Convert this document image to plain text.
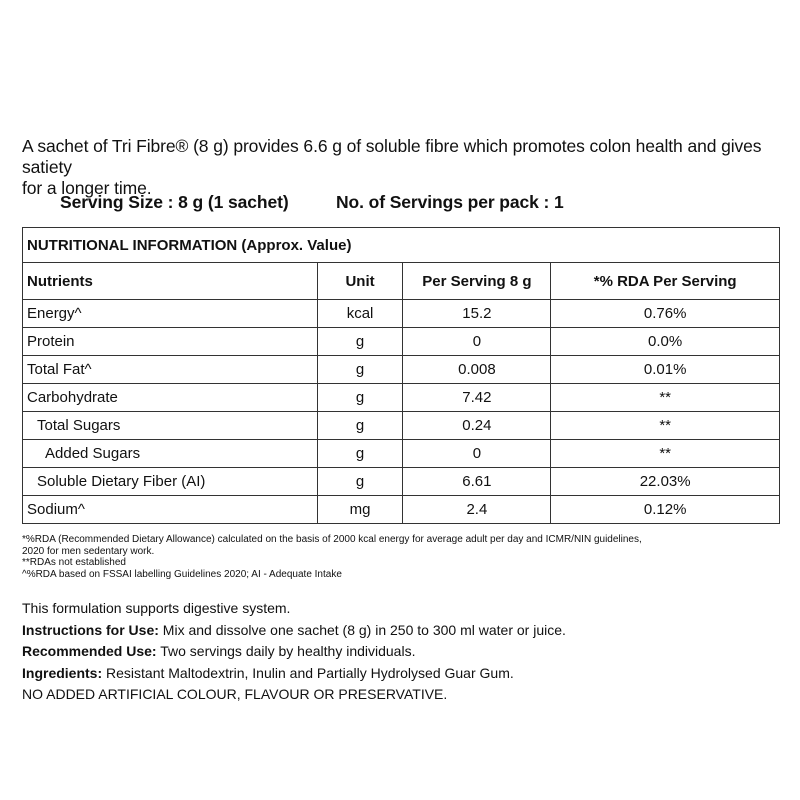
A sachet of Tri Fibre® (8 g) provides 6.6 g of soluble fibre which promotes colon health and gives satiety
for a longer time.
Serving Size : 8 g (1 sachet)	No. of Servings per pack : 1
NUTRITIONAL INFORMATION (Approx. Value)			
Nutrients	Unit	Per Serving 8 g	*% RDA Per Serving
Energy^	kcal	15.2	0.76%
Protein	g	0	0.0%
Total Fat^	g	0.008	0.01%
Carbohydrate	g	7.42	**
Total Sugars	g	0.24	**
Added Sugars	g	0	**
Soluble Dietary Fiber (AI)	g	6.61	22.03%
Sodium^	mg	2.4	0.12%
*%RDA (Recommended Dietary Allowance) calculated on the basis of 2000 kcal energy for average adult per day and ICMR/NIN guidelines,
2020 for men sedentary work.
**RDAs not established
^%RDA based on FSSAI labelling Guidelines 2020; AI - Adequate Intake
This formulation supports digestive system.
Instructions for Use: Mix and dissolve one sachet (8 g) in 250 to 300 ml water or juice.
Recommended Use: Two servings daily by healthy individuals.
Ingredients: Resistant Maltodextrin, Inulin and Partially Hydrolysed Guar Gum.
NO ADDED ARTIFICIAL COLOUR, FLAVOUR OR PRESERVATIVE.
